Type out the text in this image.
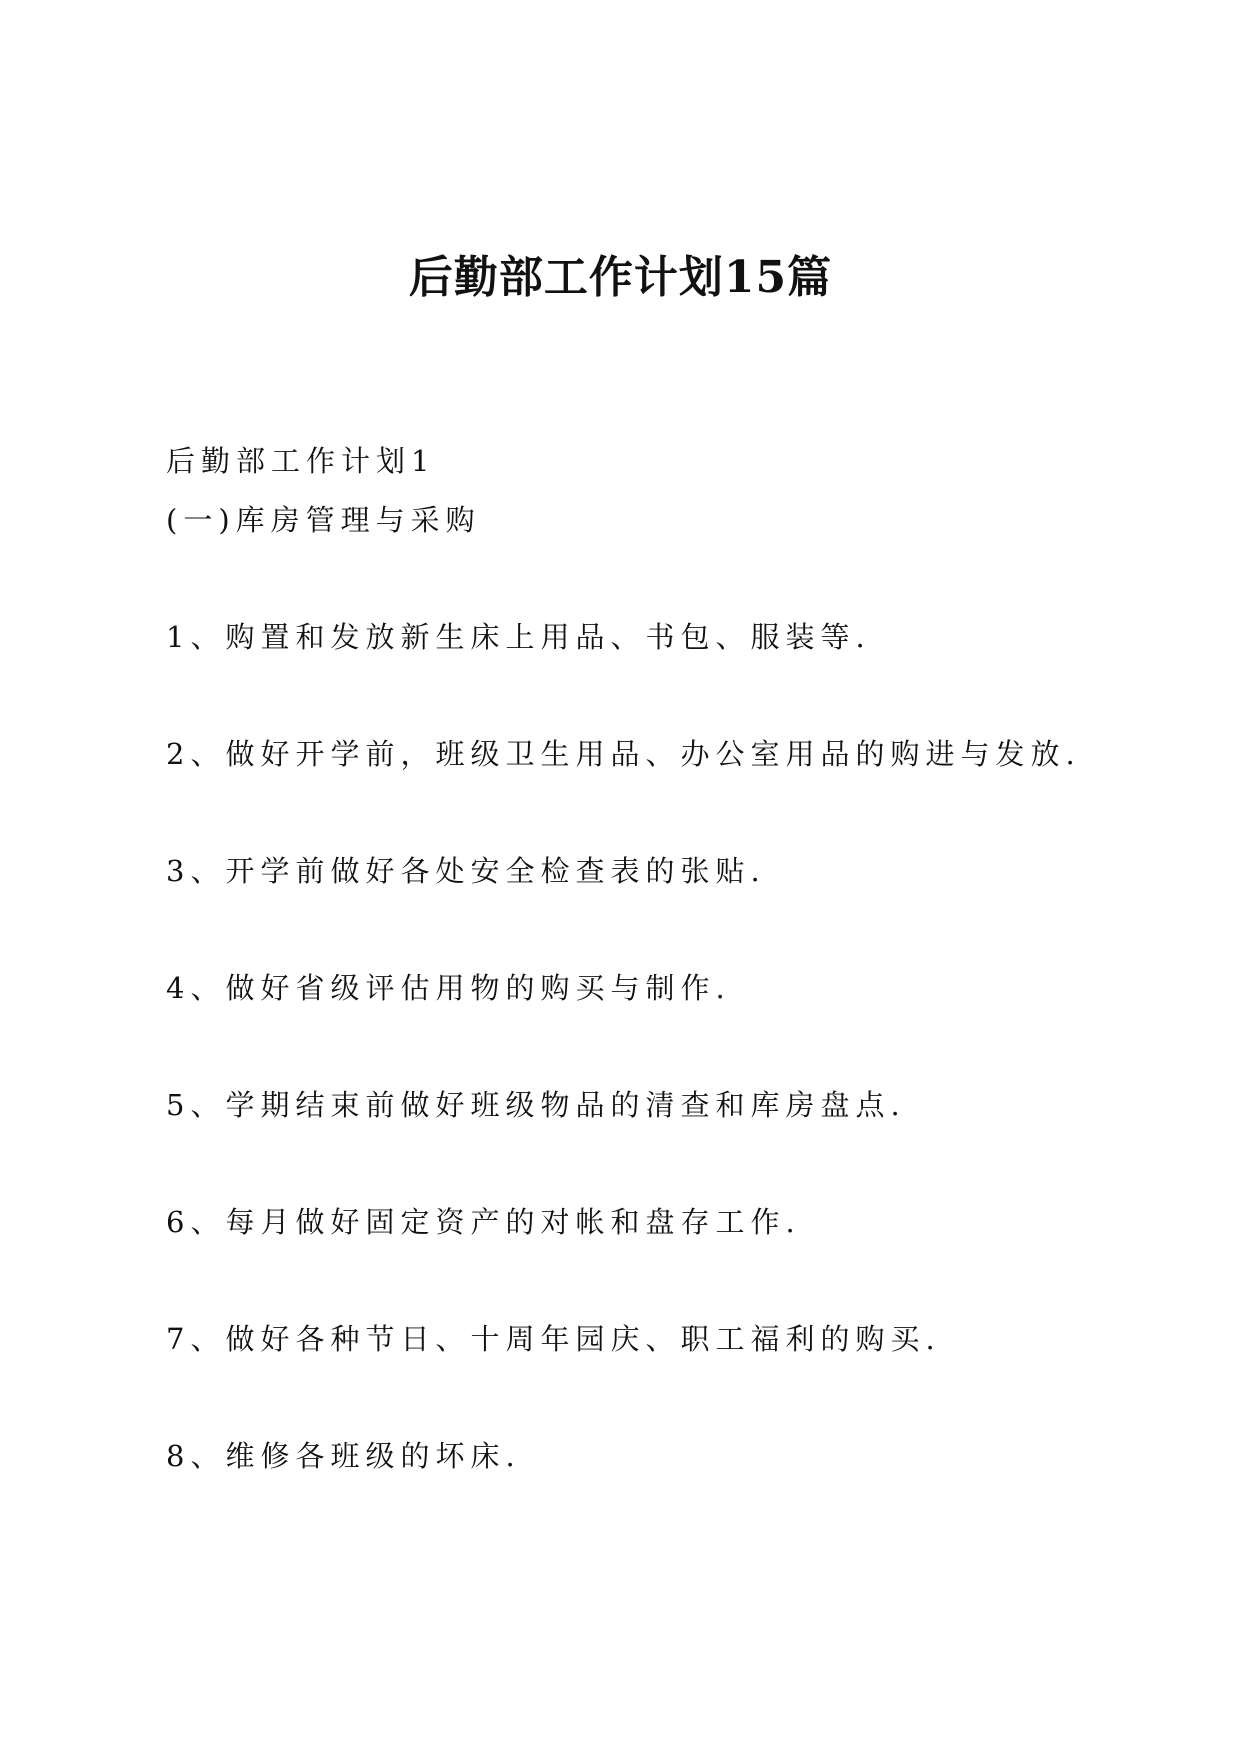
后勤部工作计划15篇
后勤部工作计划1
(一)库房管理与采购
1、购置和发放新生床上用品、书包、服装等.
2、做好开学前，班级卫生用品、办公室用品的购进与发放.
3、开学前做好各处安全检查表的张贴.
4、做好省级评估用物的购买与制作.
5、学期结束前做好班级物品的清查和库房盘点.
6、每月做好固定资产的对帐和盘存工作.
7、做好各种节日、十周年园庆、职工福利的购买.
8、维修各班级的坏床.
